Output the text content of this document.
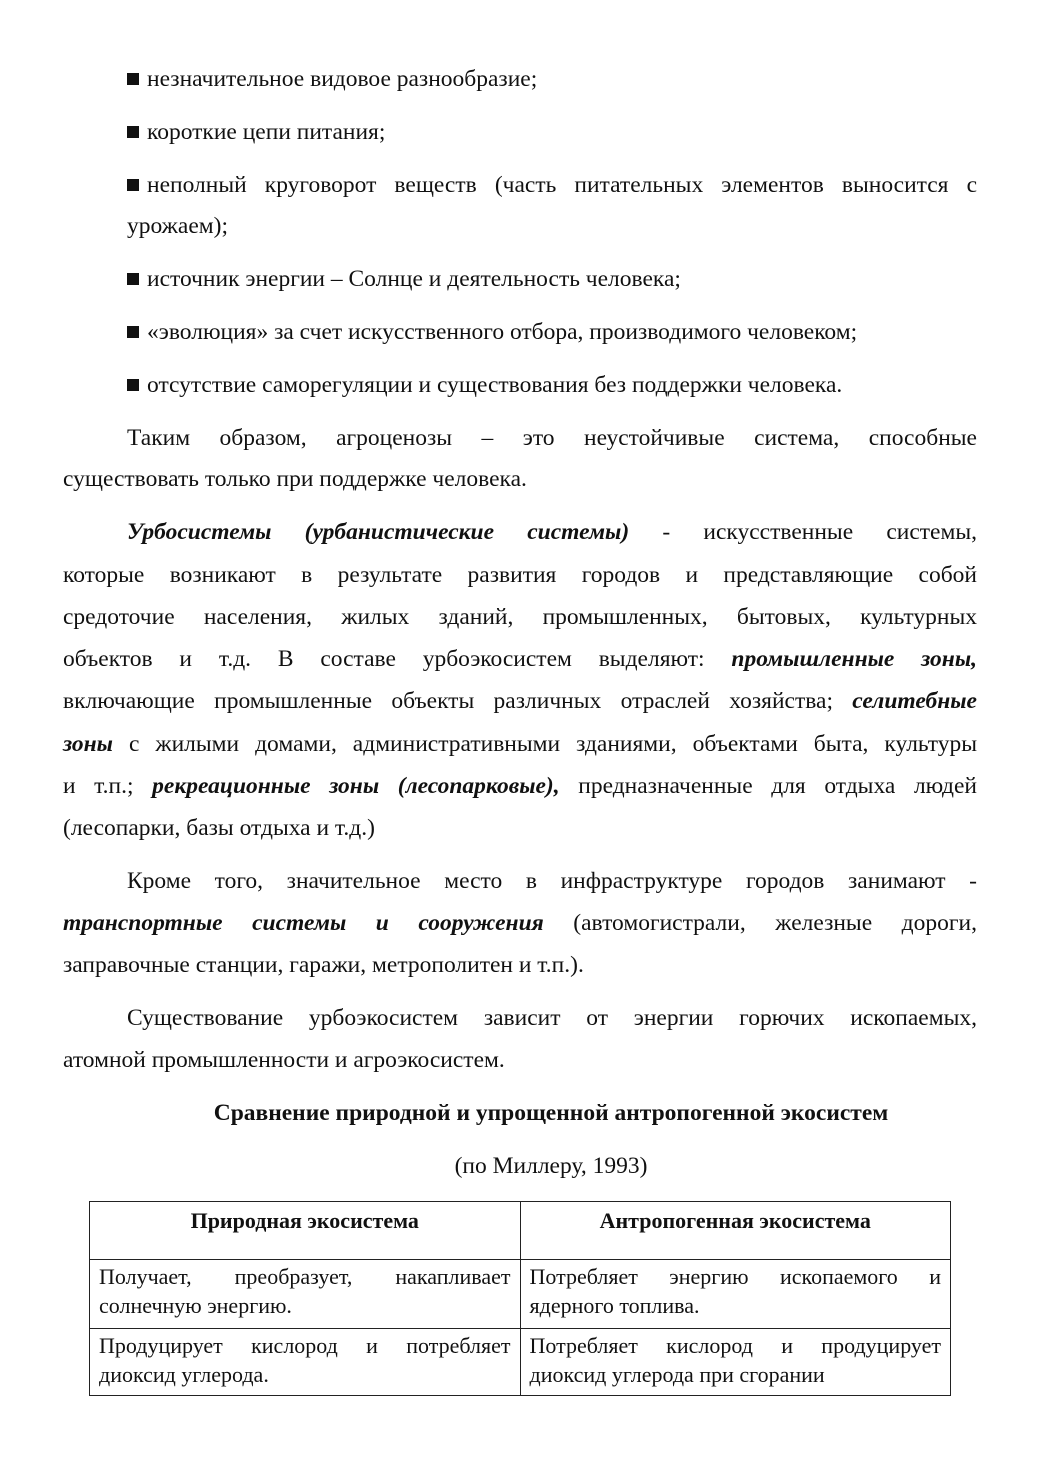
незначительное видовое разнообразие;
короткие цепи питания;
неполный круговорот веществ (часть питательных элементов выносится с
урожаем);
источник энергии – Солнце и деятельность человека;
«эволюция» за счет искусственного отбора, производимого человеком;
отсутствие саморегуляции и существования без поддержки человека.
Таким образом, агроценозы – это неустойчивые система, способные
существовать только при поддержке человека.
Урбосистемы (урбанистические системы) - искусственные системы,
которые возникают в результате развития городов и представляющие собой
средоточие населения, жилых зданий, промышленных, бытовых, культурных
объектов и т.д. В составе урбоэкосистем выделяют: промышленные зоны,
включающие промышленные объекты различных отраслей хозяйства; селитебные
зоны с жилыми домами, административными зданиями, объектами быта, культуры
и т.п.; рекреационные зоны (лесопарковые), предназначенные для отдыха людей
(лесопарки, базы отдыха и т.д.)
Кроме того, значительное место в инфраструктуре городов занимают -
транспортные системы и сооружения (автомогистрали, железные дороги,
заправочные станции, гаражи, метрополитен и т.п.).
Существование урбоэкосистем зависит от энергии горючих ископаемых,
атомной промышленности и агроэкосистем.
Сравнение природной и упрощенной антропогенной экосистем
(по Миллеру, 1993)
Природная экосистема	Антропогенная экосистема
Получает, преобразует, накапливает солнечную энергию.	Потребляет энергию ископаемого и ядерного топлива.
Продуцирует кислород и потребляет диоксид углерода.	Потребляет кислород и продуцирует диоксид углерода при сгорании
